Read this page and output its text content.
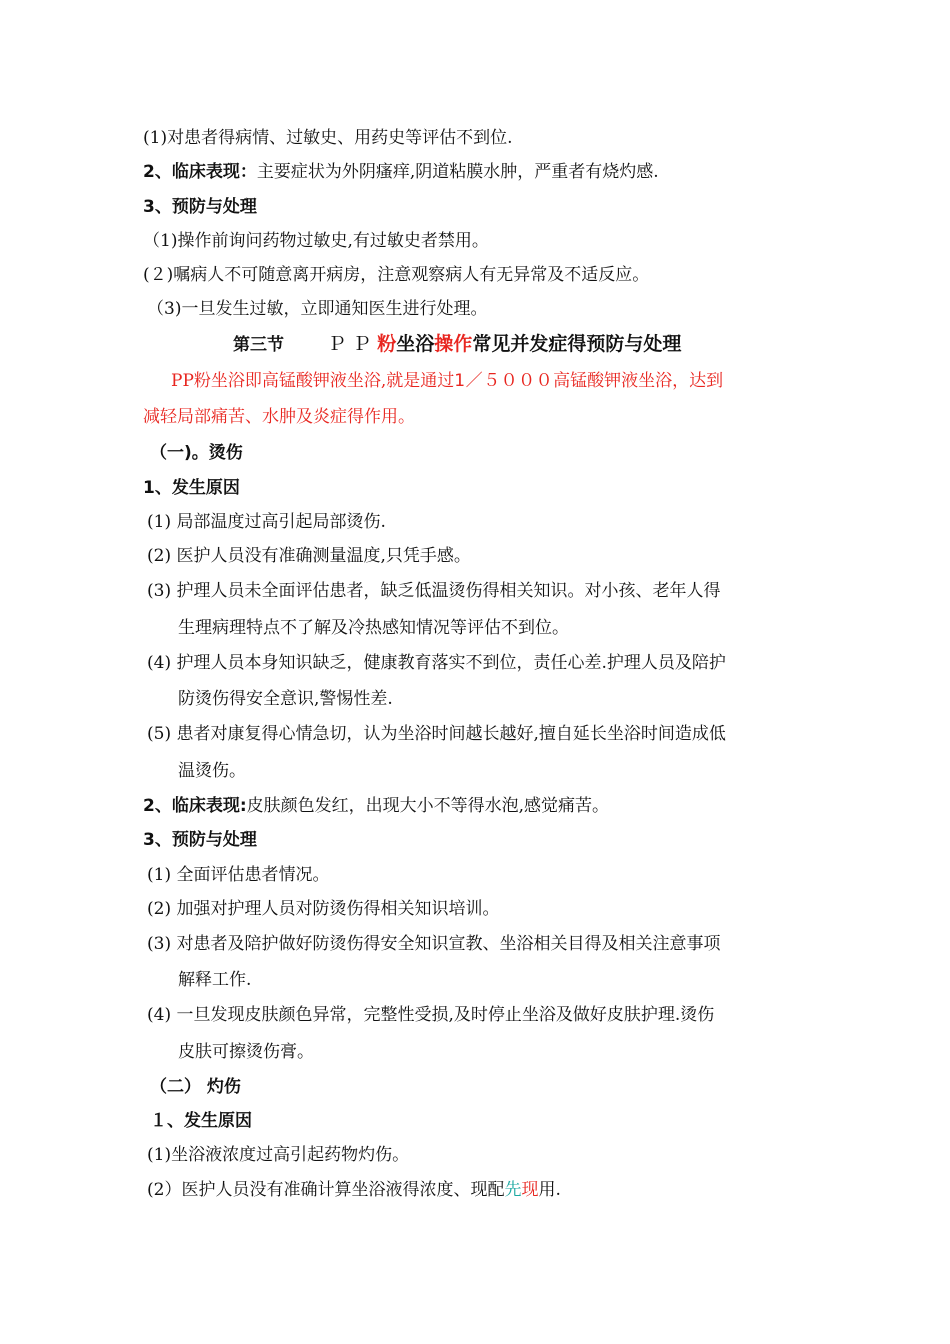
(1)对患者得病情、过敏史、用药史等评估不到位.
2、临床表现：主要症状为外阴瘙痒,阴道粘膜水肿，严重者有烧灼感.
3、预防与处理
（1)操作前询问药物过敏史,有过敏史者禁用。
(２)嘱病人不可随意离开病房，注意观察病人有无异常及不适反应。
（3)一旦发生过敏，立即通知医生进行处理。
第三节 ＰＰ粉坐浴操作常见并发症得预防与处理
PP粉坐浴即高锰酸钾液坐浴,就是通过1／５０００高锰酸钾液坐浴，达到
减轻局部痛苦、水肿及炎症得作用。
（一)。烫伤
1、发生原因
(1) 局部温度过高引起局部烫伤.
(2) 医护人员没有准确测量温度,只凭手感。
(3) 护理人员未全面评估患者，缺乏低温烫伤得相关知识。对小孩、老年人得
生理病理特点不了解及冷热感知情况等评估不到位。
(4) 护理人员本身知识缺乏，健康教育落实不到位，责任心差.护理人员及陪护
防烫伤得安全意识,警惕性差.
(5) 患者对康复得心情急切，认为坐浴时间越长越好,擅自延长坐浴时间造成低
温烫伤。
2、临床表现:皮肤颜色发红，出现大小不等得水泡,感觉痛苦。
3、预防与处理
(1) 全面评估患者情况。
(2) 加强对护理人员对防烫伤得相关知识培训。
(3) 对患者及陪护做好防烫伤得安全知识宣教、坐浴相关目得及相关注意事项
解释工作.
(4) 一旦发现皮肤颜色异常，完整性受损,及时停止坐浴及做好皮肤护理.烫伤
皮肤可擦烫伤膏。
（二） 灼伤
１、发生原因
(1)坐浴液浓度过高引起药物灼伤。
(2）医护人员没有准确计算坐浴液得浓度、现配先现用.
